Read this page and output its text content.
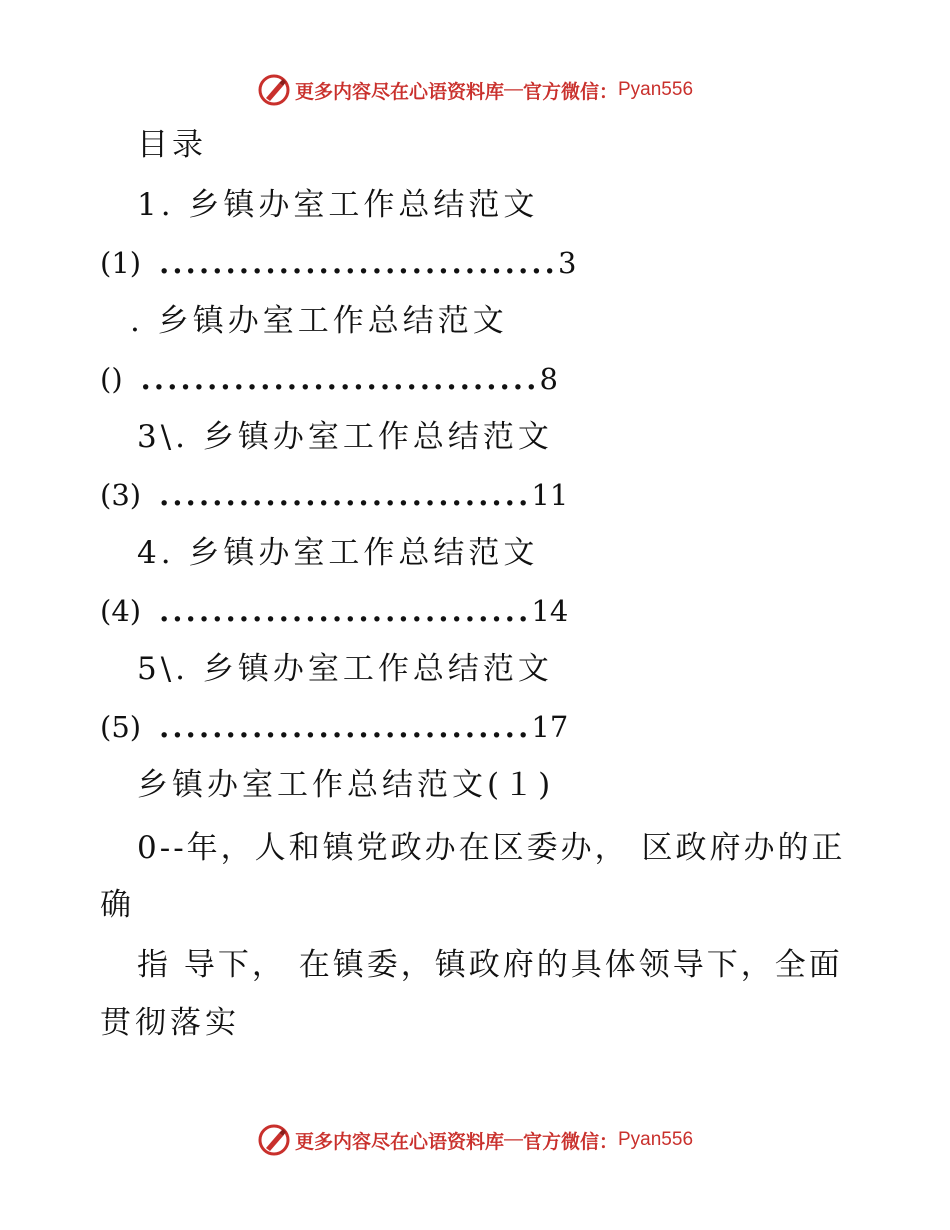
更多内容尽在心语资料库 — 官方微信： Pyan556
目录
1. 乡镇办室工作总结范文
(1) .............................. 3
. 乡镇办室工作总结范文
() .............................. 8
3\. 乡镇办室工作总结范文
(3) ............................ 11
4. 乡镇办室工作总结范文
(4) ............................ 14
5\. 乡镇办室工作总结范文
(5) ............................ 17
乡镇办室工作总结范文(１)
0--年，人和镇党政办在区委办， 区政府办的正
确
指 导下， 在镇委，镇政府的具体领导下，全面
贯彻落实
更多内容尽在心语资料库 — 官方微信： Pyan556
